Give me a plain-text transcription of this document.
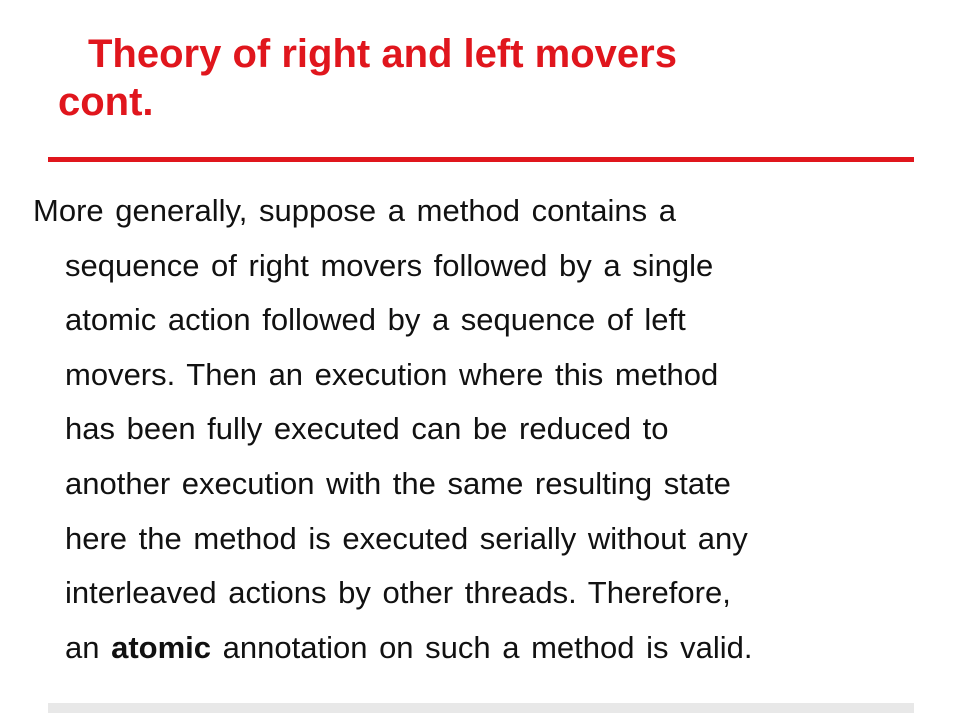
Theory of right and left movers
cont.

More generally, suppose a method contains a
sequence of right movers followed by a single
atomic action followed by a sequence of left
movers. Then an execution where this method
has been fully executed can be reduced to
another execution with the same resulting state
here the method is executed serially without any
interleaved actions by other threads. Therefore,
an atomic annotation on such a method is valid.
